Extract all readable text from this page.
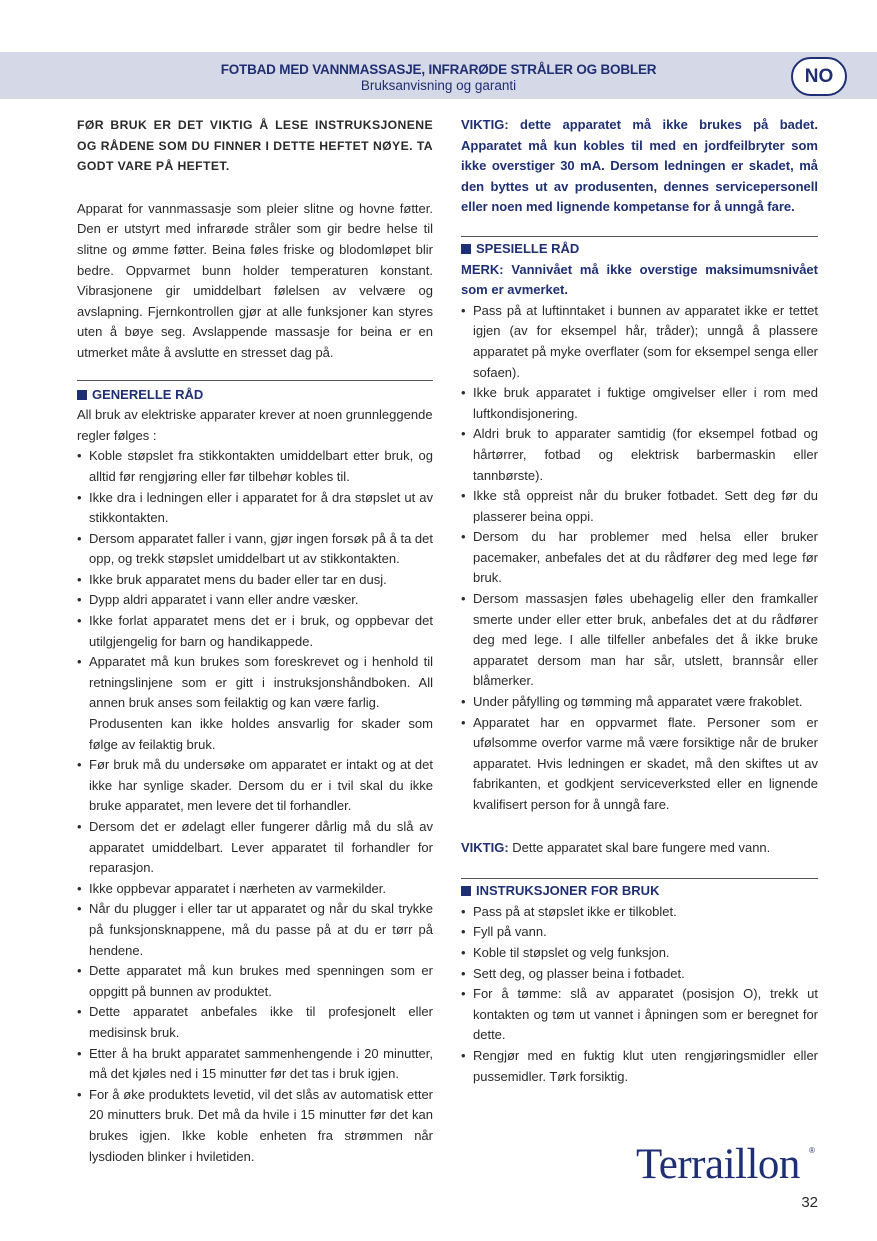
FOTBAD MED VANNMASSASJE, INFRARØDE STRÅLER OG BOBLER
Bruksanvisning og garanti	NO

FØR BRUK ER DET VIKTIG Å LESE INSTRUKSJONENE OG RÅDENE SOM DU FINNER I DETTE HEFTET NØYE. TA GODT VARE PÅ HEFTET.

Apparat for vannmassasje som pleier slitne og hovne føtter. Den er utstyrt med infrarøde stråler som gir bedre helse til slitne og ømme føtter. Beina føles friske og blodomløpet blir bedre. Oppvarmet bunn holder temperaturen konstant. Vibrasjonene gir umiddelbart følelsen av velvære og avslapning. Fjernkontrollen gjør at alle funksjoner kan styres uten å bøye seg. Avslappende massasje for beina er en utmerket måte å avslutte en stresset dag på.

GENERELLE RÅD

All bruk av elektriske apparater krever at noen grunnleggende regler følges :

• Koble støpslet fra stikkontakten umiddelbart etter bruk, og alltid før rengjøring eller før tilbehør kobles til.
• Ikke dra i ledningen eller i apparatet for å dra støpslet ut av stikkontakten.
• Dersom apparatet faller i vann, gjør ingen forsøk på å ta det opp, og trekk støpslet umiddelbart ut av stikkontakten.
• Ikke bruk apparatet mens du bader eller tar en dusj.
• Dypp aldri apparatet i vann eller andre væsker.
• Ikke forlat apparatet mens det er i bruk, og oppbevar det utilgjengelig for barn og handikappede.
• Apparatet må kun brukes som foreskrevet og i henhold til retningslinjene som er gitt i instruksjonshåndboken. All annen bruk anses som feilaktig og kan være farlig.

Produsenten kan ikke holdes ansvarlig for skader som følge av feilaktig bruk.

• Før bruk må du undersøke om apparatet er intakt og at det ikke har synlige skader. Dersom du er i tvil skal du ikke bruke apparatet, men levere det til forhandler.
• Dersom det er ødelagt eller fungerer dårlig må du slå av apparatet umiddelbart. Lever apparatet til forhandler for reparasjon.
• Ikke oppbevar apparatet i nærheten av varmekilder.
• Når du plugger i eller tar ut apparatet og når du skal trykke på funksjonsknappene, må du passe på at du er tørr på hendene.
• Dette apparatet må kun brukes med spenningen som er oppgitt på bunnen av produktet.
• Dette apparatet anbefales ikke til profesjonelt eller medisinsk bruk.
• Etter å ha brukt apparatet sammenhengende i 20 minutter, må det kjøles ned i 15 minutter før det tas i bruk igjen.
• For å øke produktets levetid, vil det slås av automatisk etter 20 minutters bruk. Det må da hvile i 15 minutter før det kan brukes igjen. Ikke koble enheten fra strømmen når lysdioden blinker i hviletiden.

VIKTIG: dette apparatet må ikke brukes på badet. Apparatet må kun kobles til med en jordfeilbryter som ikke overstiger 30 mA. Dersom ledningen er skadet, må den byttes ut av produsenten, dennes servicepersonell eller noen med lignende kompetanse for å unngå fare.

SPESIELLE RÅD

MERK: Vannivået må ikke overstige maksimumsnivået som er avmerket.

• Pass på at luftinntaket i bunnen av apparatet ikke er tettet igjen (av for eksempel hår, tråder); unngå å plassere apparatet på myke overflater (som for eksempel senga eller sofaen).
• Ikke bruk apparatet i fuktige omgivelser eller i rom med luftkondisjonering.
• Aldri bruk to apparater samtidig (for eksempel fotbad og hårtørrer, fotbad og elektrisk barbermaskin eller tannbørste).
• Ikke stå oppreist når du bruker fotbadet. Sett deg før du plasserer beina oppi.
• Dersom du har problemer med helsa eller bruker pacemaker, anbefales det at du rådfører deg med lege før bruk.
• Dersom massasjen føles ubehagelig eller den framkaller smerte under eller etter bruk, anbefales det at du rådfører deg med lege. I alle tilfeller anbefales det å ikke bruke apparatet dersom man har sår, utslett, brannsår eller blåmerker.
• Under påfylling og tømming må apparatet være frakoblet.
• Apparatet har en oppvarmet flate. Personer som er ufølsomme overfor varme må være forsiktige når de bruker apparatet. Hvis ledningen er skadet, må den skiftes ut av fabrikanten, et godkjent serviceverksted eller en lignende kvalifisert person for å unngå fare.

VIKTIG: Dette apparatet skal bare fungere med vann.

INSTRUKSJONER FOR BRUK

• Pass på at støpslet ikke er tilkoblet.
• Fyll på vann.
• Koble til støpslet og velg funksjon.
• Sett deg, og plasser beina i fotbadet.
• For å tømme: slå av apparatet (posisjon O), trekk ut kontakten og tøm ut vannet i åpningen som er beregnet for dette.
• Rengjør med en fuktig klut uten rengjøringsmidler eller pussemidler. Tørk forsiktig.
Terraillon ®
32
